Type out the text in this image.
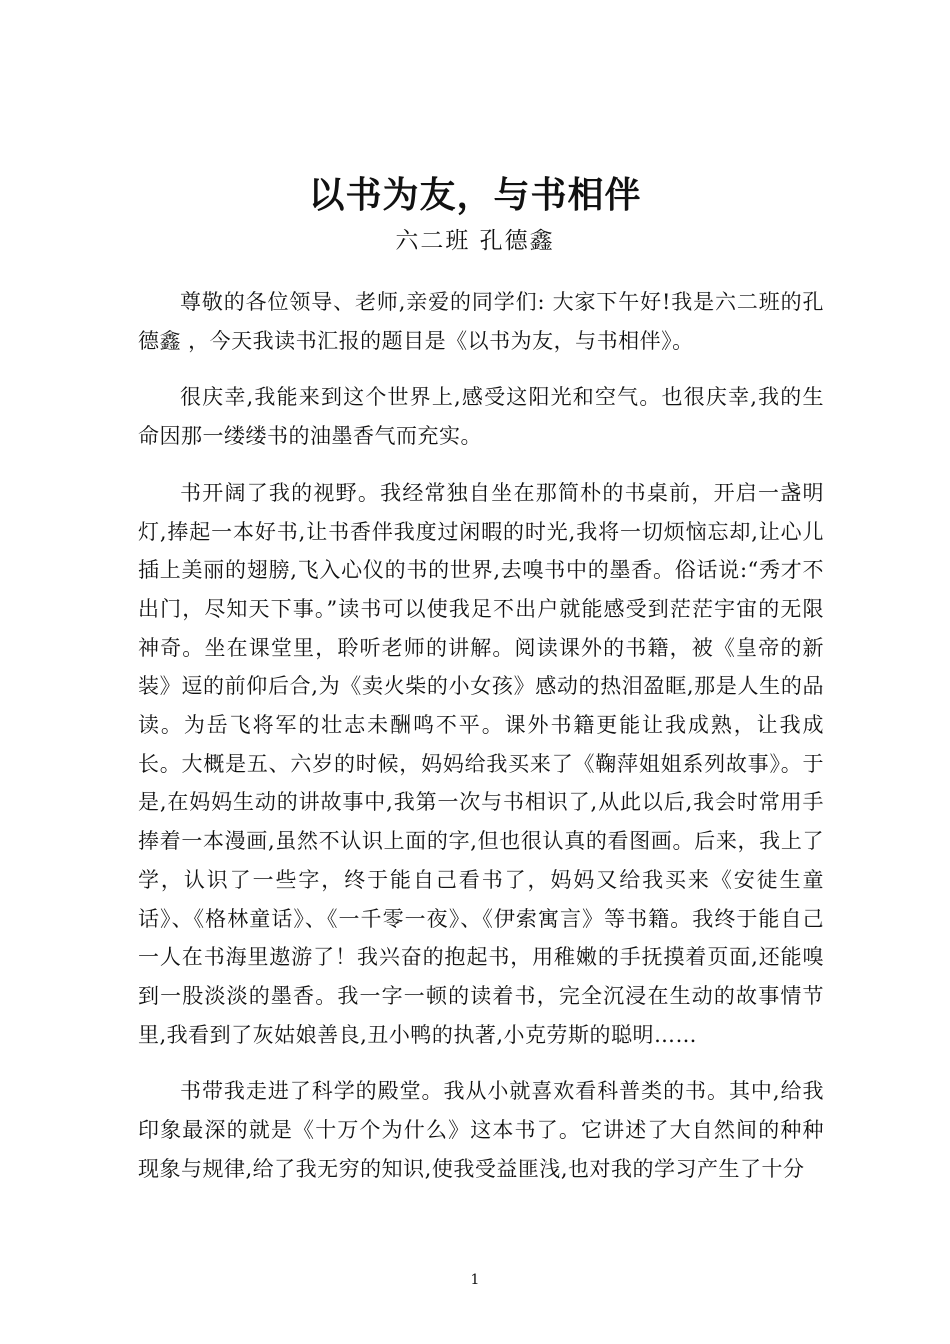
以书为友，与书相伴
六二班 孔德鑫

尊敬的各位领导、老师,亲爱的同学们: 大家下午好!我是六二班的孔德鑫 ，今天我读书汇报的题目是《以书为友，与书相伴》。

很庆幸,我能来到这个世界上,感受这阳光和空气。也很庆幸,我的生命因那一缕缕书的油墨香气而充实。

书开阔了我的视野。我经常独自坐在那简朴的书桌前，开启一盏明灯,捧起一本好书,让书香伴我度过闲暇的时光,我将一切烦恼忘却,让心儿插上美丽的翅膀,飞入心仪的书的世界,去嗅书中的墨香。俗话说:“秀才不出门，尽知天下事。”读书可以使我足不出户就能感受到茫茫宇宙的无限神奇。坐在课堂里，聆听老师的讲解。阅读课外的书籍，被《皇帝的新装》逗的前仰后合,为《卖火柴的小女孩》感动的热泪盈眶,那是人生的品读。为岳飞将军的壮志未酬鸣不平。课外书籍更能让我成熟，让我成长。大概是五、六岁的时候，妈妈给我买来了《鞠萍姐姐系列故事》。于是,在妈妈生动的讲故事中,我第一次与书相识了,从此以后,我会时常用手捧着一本漫画,虽然不认识上面的字,但也很认真的看图画。后来，我上了学，认识了一些字，终于能自己看书了，妈妈又给我买来《安徒生童话》、《格林童话》、《一千零一夜》、《伊索寓言》等书籍。我终于能自己一人在书海里遨游了！我兴奋的抱起书，用稚嫩的手抚摸着页面,还能嗅到一股淡淡的墨香。我一字一顿的读着书，完全沉浸在生动的故事情节里,我看到了灰姑娘善良,丑小鸭的执著,小克劳斯的聪明……

书带我走进了科学的殿堂。我从小就喜欢看科普类的书。其中,给我印象最深的就是《十万个为什么》这本书了。它讲述了大自然间的种种现象与规律,给了我无穷的知识,使我受益匪浅,也对我的学习产生了十分

1
